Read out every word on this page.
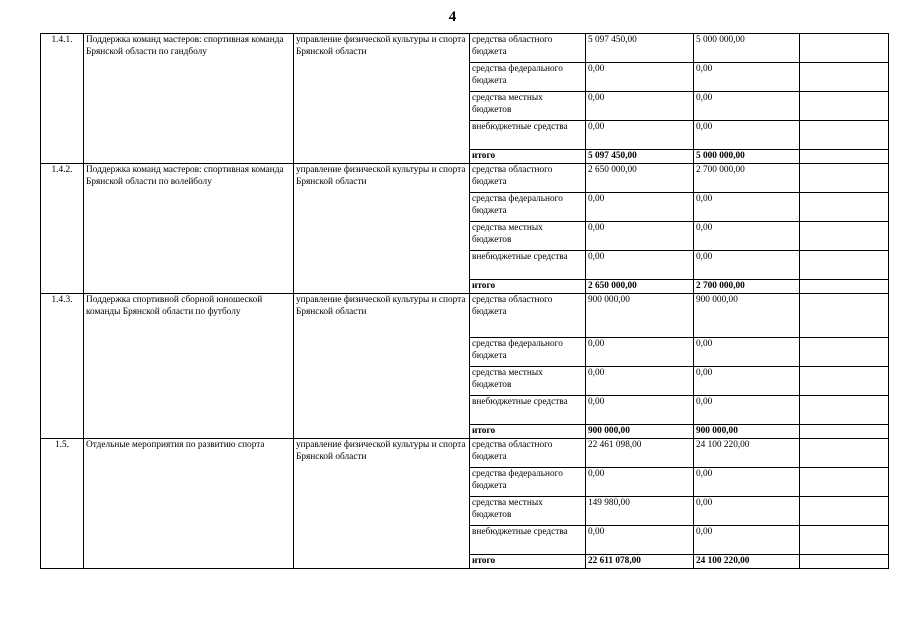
4
1.4.1.	Поддержка команд мастеров: спортивная команда Брянской области по гандболу	управление физической культуры и спорта Брянской области	средства областного бюджета	5 097 450,00	5 000 000,00	
			средства федерального бюджета	0,00	0,00	
			средства местных бюджетов	0,00	0,00	
			внебюджетные средства	0,00	0,00	
			итого	5 097 450,00	5 000 000,00	
1.4.2.	Поддержка команд мастеров: спортивная команда Брянской области по волейболу	управление физической культуры и спорта Брянской области	средства областного бюджета	2 650 000,00	2 700 000,00	
			средства федерального бюджета	0,00	0,00	
			средства местных бюджетов	0,00	0,00	
			внебюджетные средства	0,00	0,00	
			итого	2 650 000,00	2 700 000,00	
1.4.3.	Поддержка спортивной сборной юношеской команды Брянской области по футболу	управление физической культуры и спорта Брянской области	средства областного бюджета	900 000,00	900 000,00	
			средства федерального бюджета	0,00	0,00	
			средства местных бюджетов	0,00	0,00	
			внебюджетные средства	0,00	0,00	
			итого	900 000,00	900 000,00	
1.5.	Отдельные мероприятия по развитию спорта	управление физической культуры и спорта Брянской области	средства областного бюджета	22 461 098,00	24 100 220,00	
			средства федерального бюджета	0,00	0,00	
			средства местных бюджетов	149 980,00	0,00	
			внебюджетные средства	0,00	0,00	
			итого	22 611 078,00	24 100 220,00	
